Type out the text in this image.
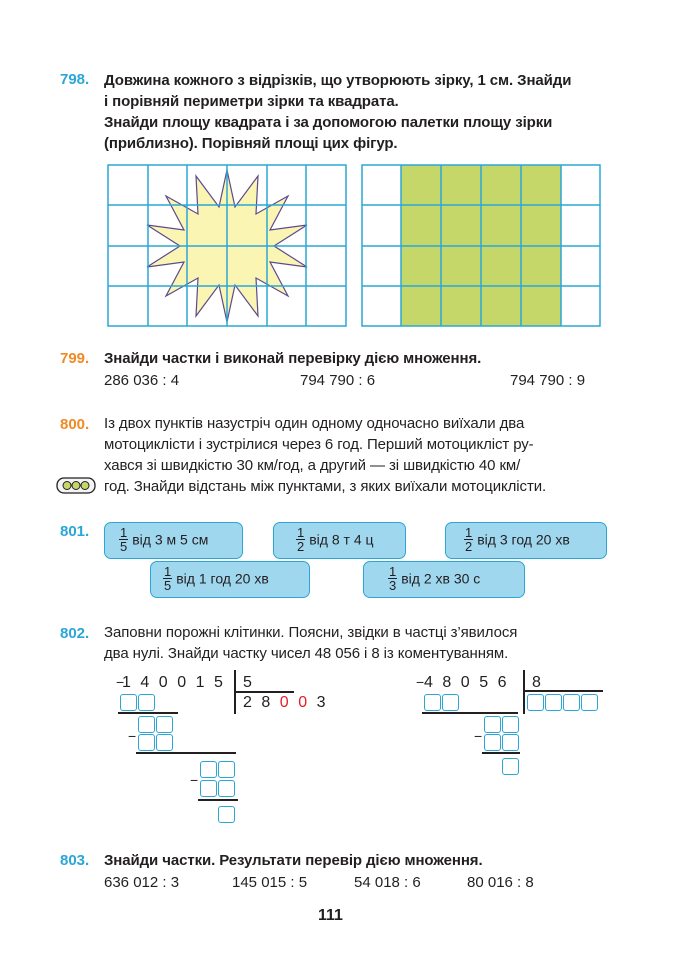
798. Довжина кожного з відрізків, що утворюють зірку, 1 см. Знайди
і порівняй периметри зірки та квадрата.
Знайди площу квадрата і за допомогою палетки площу зірки
(приблизно). Порівняй площі цих фігур.
799. Знайди частки і виконай перевірку дією множення.
286 036 : 4	794 790 : 6	794 790 : 9
800. Із двох пунктів назустріч один одному одночасно виїхали два
мотоциклісти і зустрілися через 6 год. Перший мотоцикліст ру-
хався зі швидкістю 30 км/год, а другий — зі швидкістю 40 км/
год. Знайди відстань між пунктами, з яких виїхали мотоциклісти.
801. $\frac{1}{5}$ від 3 м 5 см	$\frac{1}{2}$ від 8 т 4 ц	$\frac{1}{2}$ від 3 год 20 хв
$\frac{1}{5}$ від 1 год 20 хв	$\frac{1}{3}$ від 2 хв 30 с
802. Заповни порожні клітинки. Поясни, звідки в частці з’явилося
два нулі. Знайди частку чисел 48 056 і 8 із коментуванням.
−
140015 5
28003
−
−
− 48056 8
−
803. Знайди частки. Результати перевір дією множення.
636 012 : 3	145 015 : 5	54 018 : 6	80 016 : 8
111
